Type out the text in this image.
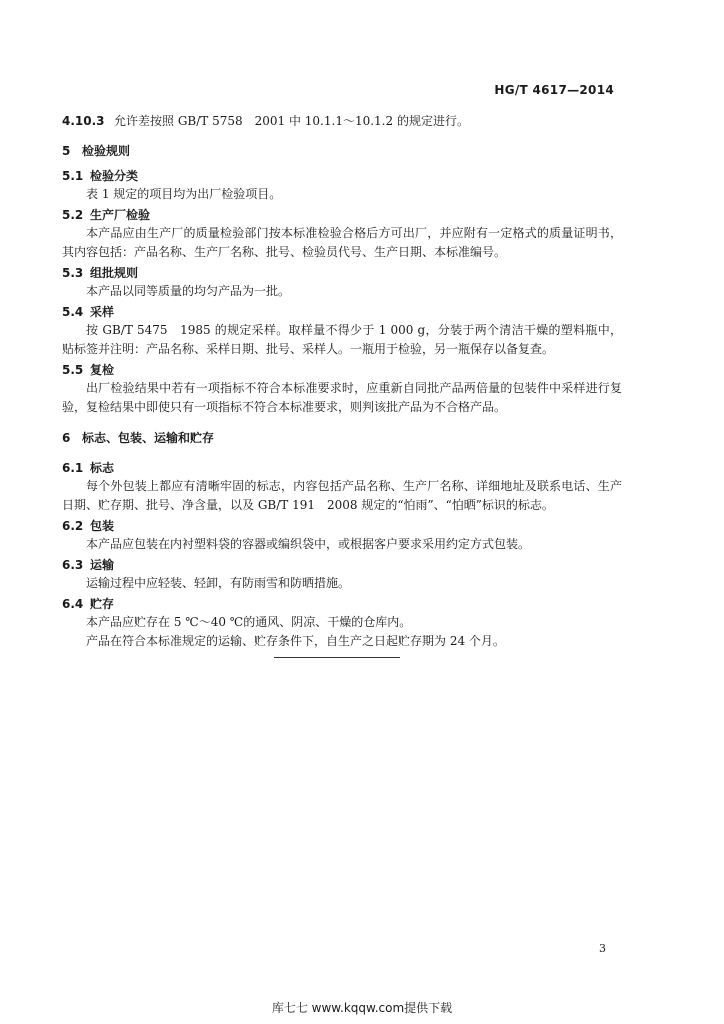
HG/T 4617—2014
4.10.3 允许差按照 GB/T 5758　2001 中 10.1.1～10.1.2 的规定进行。
5 检验规则
5.1 检验分类
表 1 规定的项目均为出厂检验项目。
5.2 生产厂检验
本产品应由生产厂的质量检验部门按本标准检验合格后方可出厂，并应附有一定格式的质量证明书，其内容包括：产品名称、生产厂名称、批号、检验员代号、生产日期、本标准编号。
5.3 组批规则
本产品以同等质量的均匀产品为一批。
5.4 采样
按 GB/T 5475　1985 的规定采样。取样量不得少于 1 000 g，分装于两个清洁干燥的塑料瓶中，贴标签并注明：产品名称、采样日期、批号、采样人。一瓶用于检验，另一瓶保存以备复查。
5.5 复检
出厂检验结果中若有一项指标不符合本标准要求时，应重新自同批产品两倍量的包装件中采样进行复验，复检结果中即使只有一项指标不符合本标准要求，则判该批产品为不合格产品。
6 标志、包装、运输和贮存
6.1 标志
每个外包装上都应有清晰牢固的标志，内容包括产品名称、生产厂名称、详细地址及联系电话、生产日期、贮存期、批号、净含量，以及 GB/T 191　2008 规定的“怕雨”、“怕晒”标识的标志。
6.2 包装
本产品应包装在内衬塑料袋的容器或编织袋中，或根据客户要求采用约定方式包装。
6.3 运输
运输过程中应轻装、轻卸，有防雨雪和防晒措施。
6.4 贮存
本产品应贮存在 5 ℃～40 ℃的通风、阴凉、干燥的仓库内。
产品在符合本标准规定的运输、贮存条件下，自生产之日起贮存期为 24 个月。
3
库七七 www.kqqw.com提供下载
